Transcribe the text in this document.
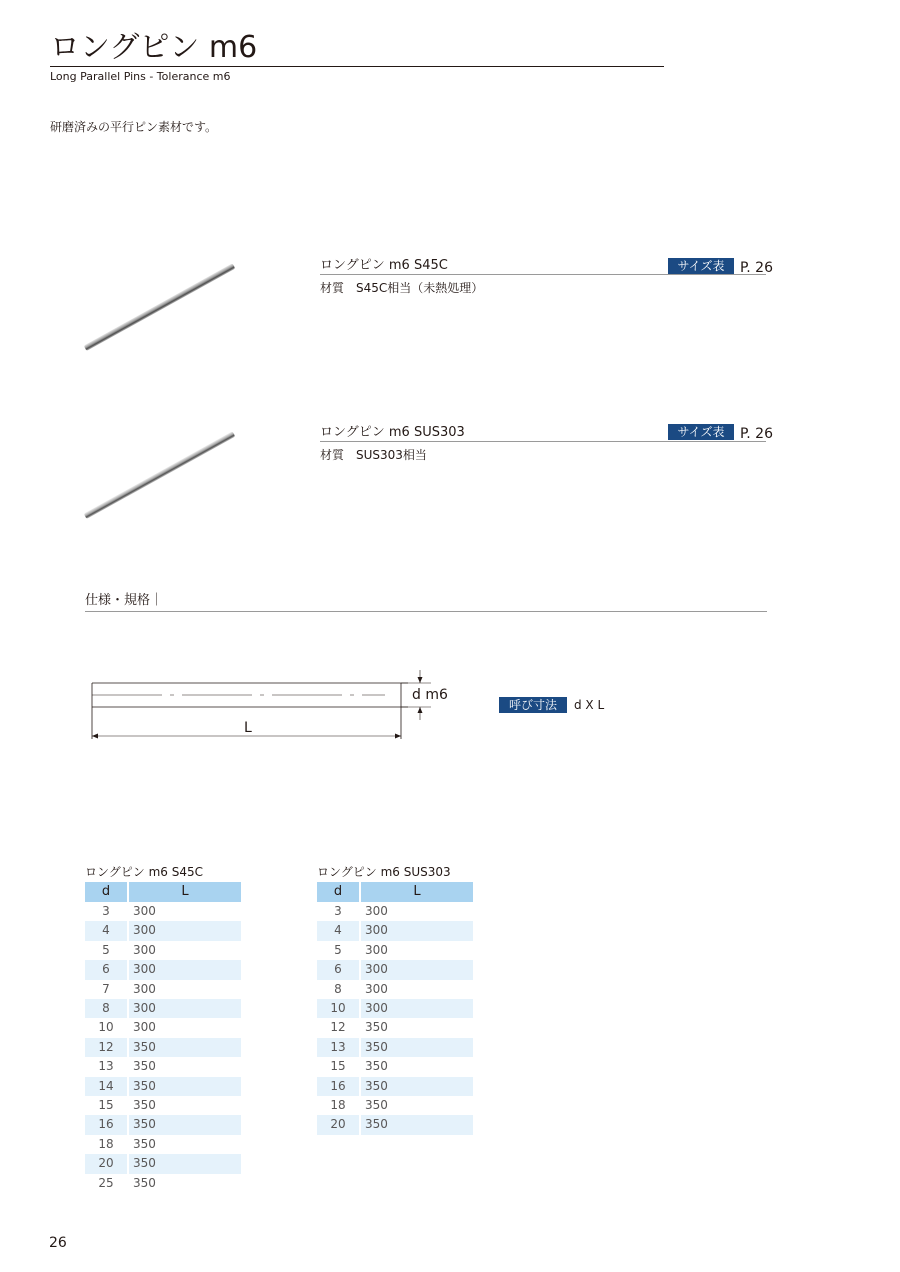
ロングピン m6
Long Parallel Pins - Tolerance m6
研磨済みの平行ピン素材です。
ロングピン m6 S45C	サイズ表	P. 26
材質　S45C相当（未熱処理）
ロングピン m6 SUS303	サイズ表	P. 26
材質　SUS303相当
仕様・規格｜
d m6
L
呼び寸法	d X L
ロングピン m6 S45C
d	L
3	300
4	300
5	300
6	300
7	300
8	300
10	300
12	350
13	350
14	350
15	350
16	350
18	350
20	350
25	350
ロングピン m6 SUS303
d	L
3	300
4	300
5	300
6	300
8	300
10	300
12	350
13	350
15	350
16	350
18	350
20	350
26
